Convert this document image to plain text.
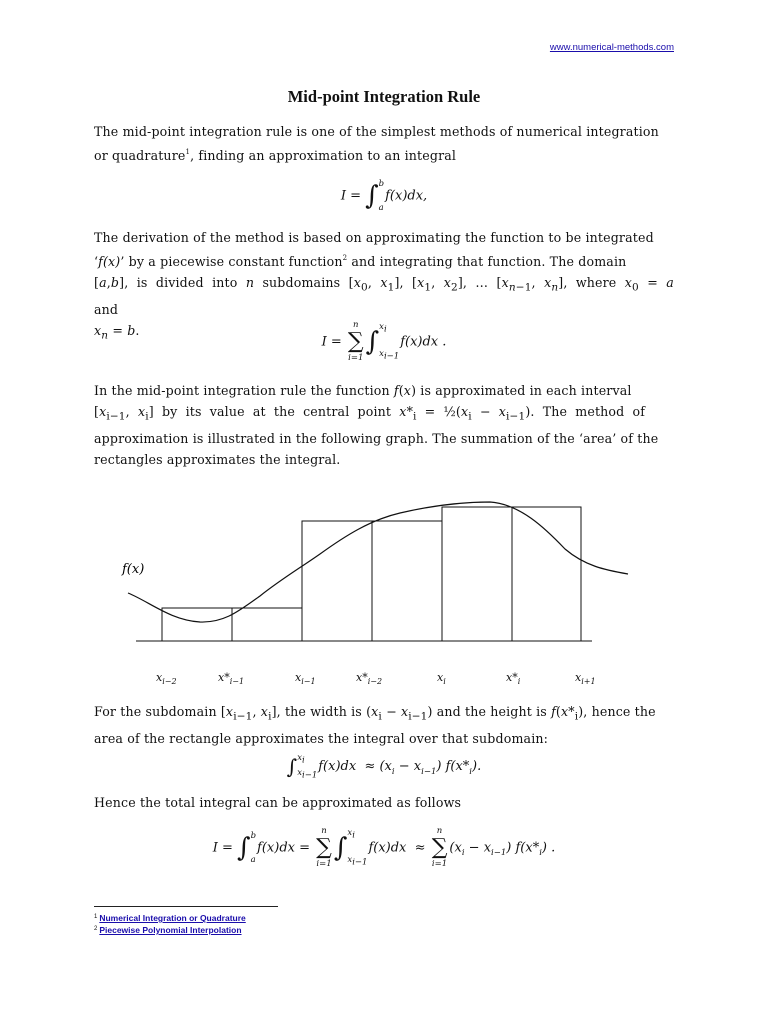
www.numerical-methods.com
Mid-point Integration Rule
The mid-point integration rule is one of the simplest methods of numerical integration
or quadrature$^1$, finding an approximation to an integral
I = ∫b

af(x)dx,
The derivation of the method is based on approximating the function to be integrated
‘f(x)’ by a piecewise constant function$^2$ and integrating that function. The domain
[a,b], is divided into n subdomains [$x_0$, $x_1$], [$x_1$, $x_2$], … [$x_{n-1}$, $x_n$], where $x_0 = a$ and
$x_n = b$.
I =
n
∑
i=1
$\int x_i$

$x_{i-1}f(x)dx$ .
In the mid-point integration rule the function f(x) is approximated in each interval
[$x_{i-1}$, $x_i$] by its value at the central point $x*_i$ = $\frac{1}{2}(x_i - x_{i-1})$. The method of
approximation is illustrated in the following graph. The summation of the ‘area’ of the
rectangles approximates the integral.
f(x)
$x_{i-2}$	$x*_{i-1}$	$x_{i-1}$	$x*_{i-2}$	$x_i$	$x*_i$	$x_{i+1}$
For the subdomain [$x_{i-1}$, $x_i$], the width is $(x_i - x_{i-1})$ and the height is $f(x*_i)$, hence the
area of the rectangle approximates the integral over that subdomain:
$\int x_i$
$x_{i-1}f(x)dx \approx (x_i - x_{i-1})$ $f(x*_i)$.
Hence the total integral can be approximated as follows
I = ∫b

af(x)dx =
n
∑
i=1
$\int x_i$

$x_{i-1}f(x)dx$  ≈
n
∑
i=1
$(x_i - x_{i-1})$ $f(x*_i)$ .
$^1$ Numerical Integration or Quadrature
$^2$ Piecewise Polynomial Interpolation
